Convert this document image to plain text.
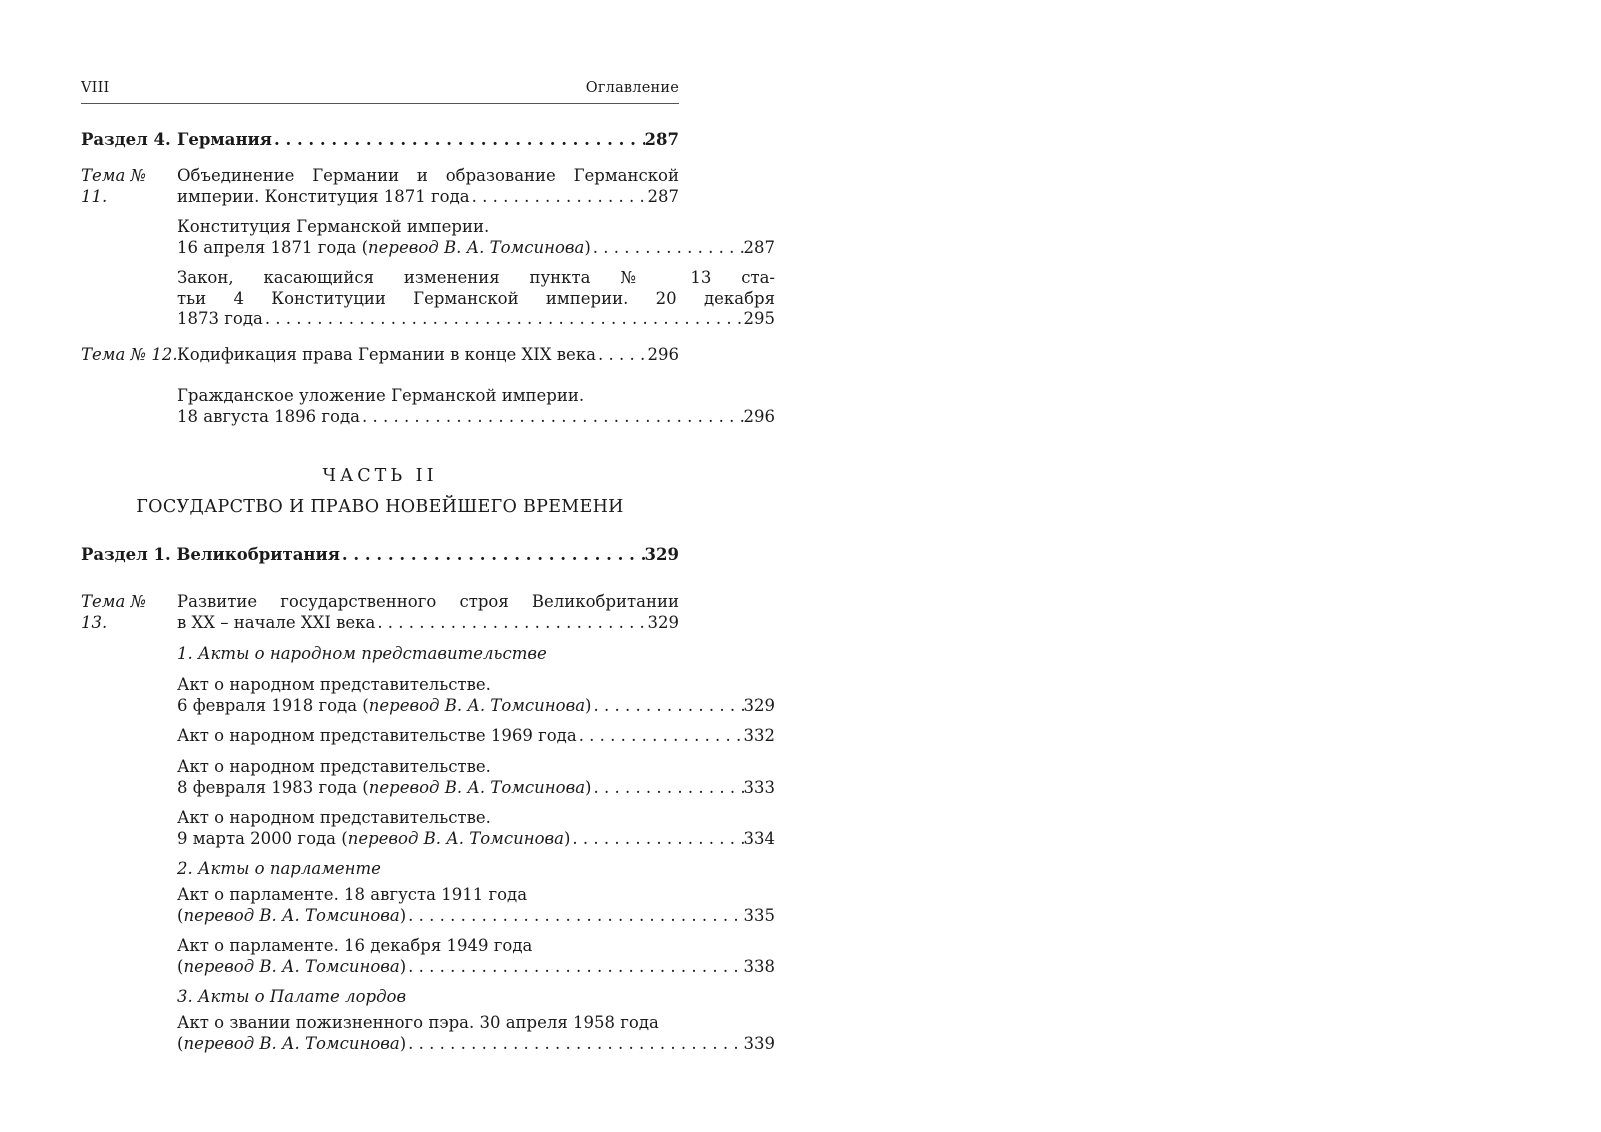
VIII	Оглавление
Раздел 4. Германия . . .	287
Тема № 11.
Объединение Германии и образование Германской
империи. Конституция 1871 года . . .	287
Конституция Германской империи.
16 апреля 1871 года (перевод В. А. Томсинова) . . .	287
Закон, касающийся изменения пункта № 13 ста-
тьи 4 Конституции Германской империи. 20 декабря
1873 года . . .	295
Тема № 12. Кодификация права Германии в конце XIX века . . .	296
Гражданское уложение Германской империи.
18 августа 1896 года . . .	296
ЧАСТЬ II
ГОСУДАРСТВО И ПРАВО НОВЕЙШЕГО ВРЕМЕНИ
Раздел 1. Великобритания . . .	329
Тема № 13.
Развитие государственного строя Великобритании
в XX – начале XXI века . . .	329
1. Акты о народном представительстве
Акт о народном представительстве.
6 февраля 1918 года (перевод В. А. Томсинова) . . .	329
Акт о народном представительстве 1969 года . . .	332
Акт о народном представительстве.
8 февраля 1983 года (перевод В. А. Томсинова) . . .	333
Акт о народном представительстве.
9 марта 2000 года (перевод В. А. Томсинова) . . .	334
2. Акты о парламенте
Акт о парламенте. 18 августа 1911 года
(перевод В. А. Томсинова) . . .	335
Акт о парламенте. 16 декабря 1949 года
(перевод В. А. Томсинова) . . .	338
3. Акты о Палате лордов
Акт о звании пожизненного пэра. 30 апреля 1958 года
(перевод В. А. Томсинова) . . .	339
